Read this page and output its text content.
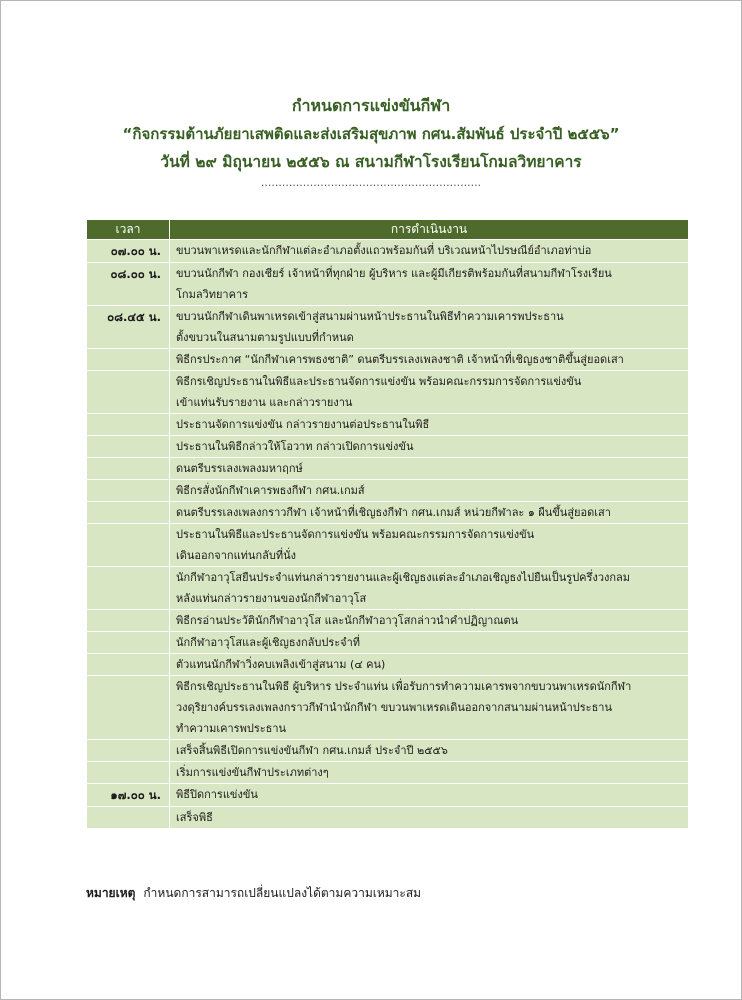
กำหนดการแข่งขันกีฬา
“กิจกรรมต้านภัยยาเสพติดและส่งเสริมสุขภาพ กศน.สัมพันธ์ ประจำปี ๒๕๕๖”
วันที่ ๒๙ มิถุนายน ๒๕๕๖ ณ สนามกีฬาโรงเรียนโกมลวิทยาคาร
...............................................................
เวลา	การดำเนินงาน
๐๗.๐๐ น.	ขบวนพาเหรดและนักกีฬาแต่ละอำเภอตั้งแถวพร้อมกันที่ บริเวณหน้าไปรษณีย์อำเภอท่าบ่อ

๐๘.๐๐ น.	ขบวนนักกีฬา กองเชียร์ เจ้าหน้าที่ทุกฝ่าย ผู้บริหาร และผู้มีเกียรติพร้อมกันที่สนามกีฬาโรงเรียน
โกมลวิทยาคาร

๐๘.๔๕ น.	ขบวนนักกีฬาเดินพาเหรดเข้าสู่สนามผ่านหน้าประธานในพิธีทำความเคารพประธาน
ตั้งขบวนในสนามตามรูปแบบที่กำหนด

	พิธีกรประกาศ “นักกีฬาเคารพธงชาติ” ดนตรีบรรเลงเพลงชาติ เจ้าหน้าที่เชิญธงชาติขึ้นสู่ยอดเสา

	พิธีกรเชิญประธานในพิธีและประธานจัดการแข่งขัน พร้อมคณะกรรมการจัดการแข่งขัน
เข้าแท่นรับรายงาน และกล่าวรายงาน

	ประธานจัดการแข่งขัน กล่าวรายงานต่อประธานในพิธี

	ประธานในพิธีกล่าวให้โอวาท กล่าวเปิดการแข่งขัน

	ดนตรีบรรเลงเพลงมหาฤกษ์

	พิธีกรสั่งนักกีฬาเคารพธงกีฬา กศน.เกมส์

	ดนตรีบรรเลงเพลงกราวกีฬา เจ้าหน้าที่เชิญธงกีฬา กศน.เกมส์ หน่วยกีฬาละ ๑ ผืนขึ้นสู่ยอดเสา

	ประธานในพิธีและประธานจัดการแข่งขัน พร้อมคณะกรรมการจัดการแข่งขัน
เดินออกจากแท่นกลับที่นั่ง

	นักกีฬาอาวุโสยืนประจำแท่นกล่าวรายงานและผู้เชิญธงแต่ละอำเภอเชิญธงไปยืนเป็นรูปครึ่งวงกลม
หลังแท่นกล่าวรายงานของนักกีฬาอาวุโส

	พิธีกรอ่านประวัตินักกีฬาอาวุโส และนักกีฬาอาวุโสกล่าวนำคำปฏิญาณตน

	นักกีฬาอาวุโสและผู้เชิญธงกลับประจำที่

	ตัวแทนนักกีฬาวิ่งคบเพลิงเข้าสู่สนาม (๔ คน)

	พิธีกรเชิญประธานในพิธี ผู้บริหาร ประจำแท่น เพื่อรับการทำความเคารพจากขบวนพาเหรดนักกีฬา
วงดุริยางค์บรรเลงเพลงกราวกีฬานำนักกีฬา ขบวนพาเหรดเดินออกจากสนามผ่านหน้าประธาน
ทำความเคารพประธาน

	เสร็จสิ้นพิธีเปิดการแข่งขันกีฬา กศน.เกมส์ ประจำปี ๒๕๕๖

	เริ่มการแข่งขันกีฬาประเภทต่างๆ

๑๗.๐๐ น.	พิธีปิดการแข่งขัน

	เสร็จพิธี
หมายเหตุ กำหนดการสามารถเปลี่ยนแปลงได้ตามความเหมาะสม
